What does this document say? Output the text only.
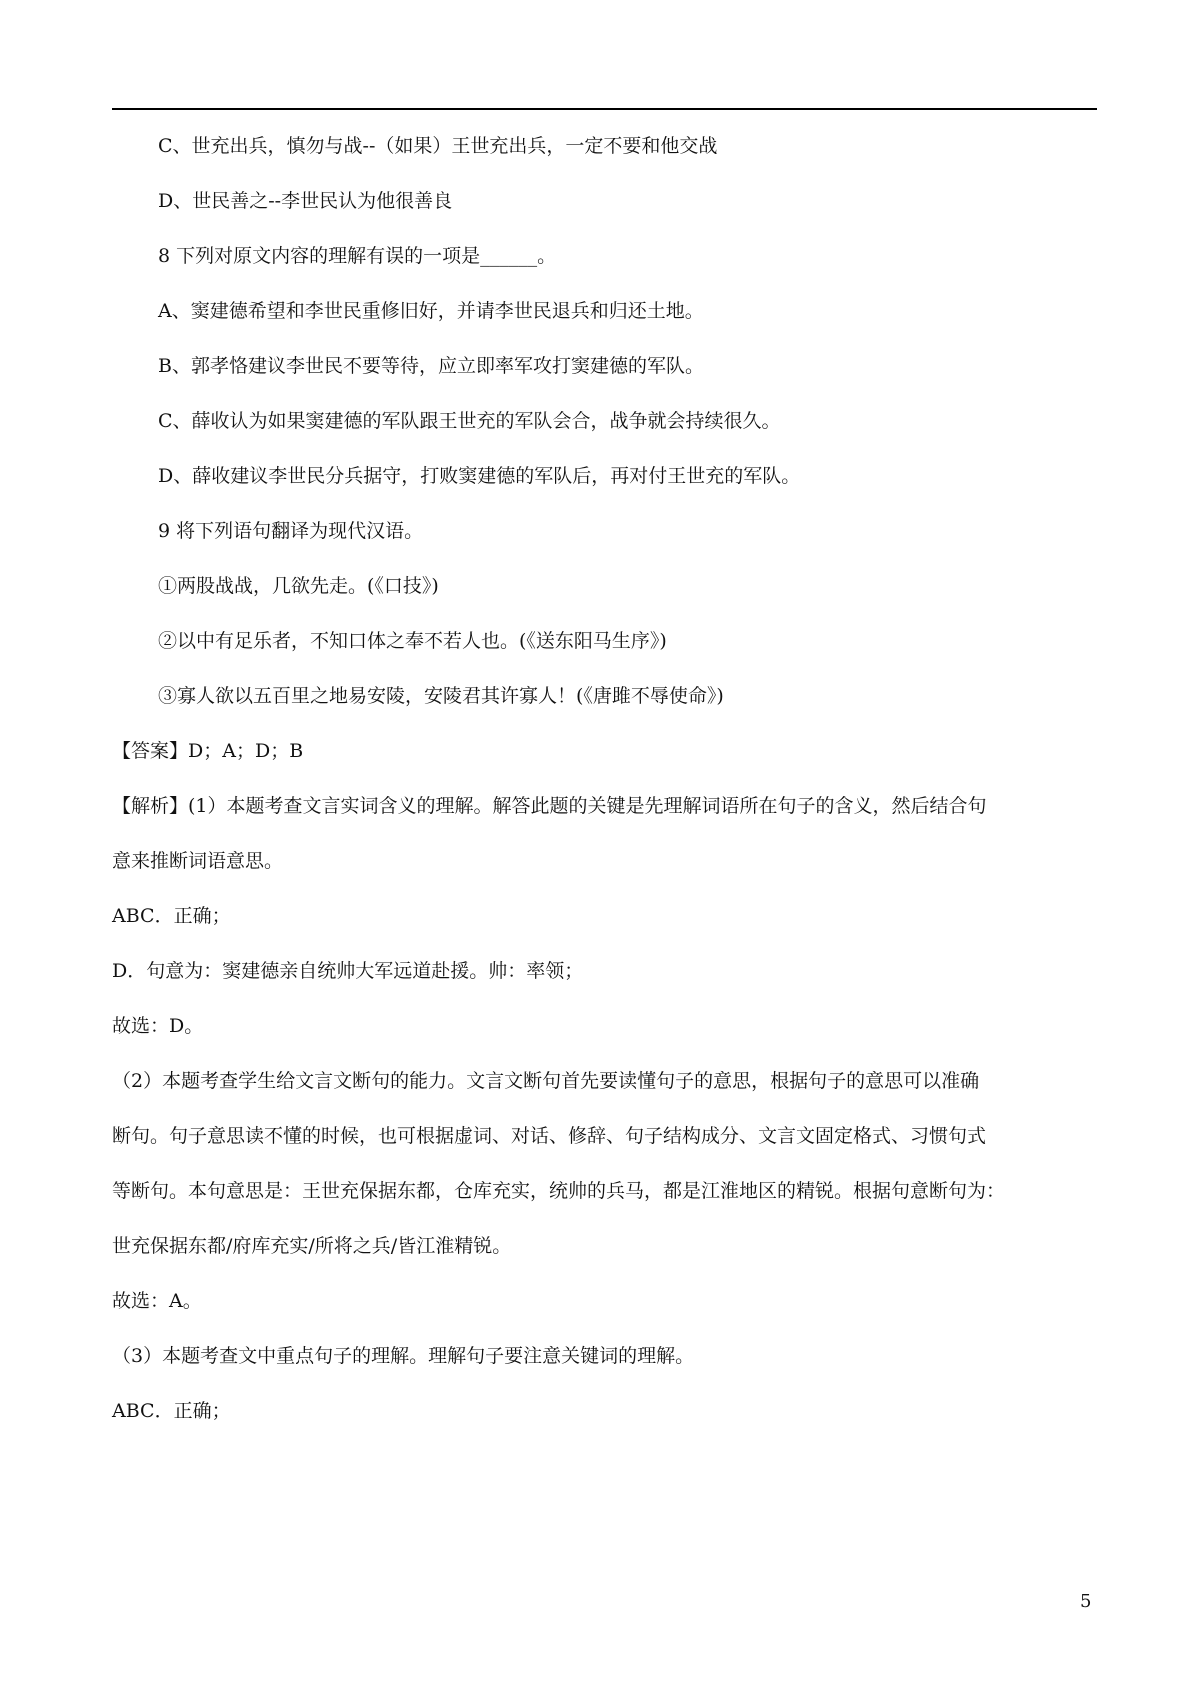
C、世充出兵，慎勿与战--（如果）王世充出兵，一定不要和他交战
D、世民善之--李世民认为他很善良
8 下列对原文内容的理解有误的一项是______。
A、窦建德希望和李世民重修旧好，并请李世民退兵和归还土地。
B、郭孝恪建议李世民不要等待，应立即率军攻打窦建德的军队。
C、薛收认为如果窦建德的军队跟王世充的军队会合，战争就会持续很久。
D、薛收建议李世民分兵据守，打败窦建德的军队后，再对付王世充的军队。
9 将下列语句翻译为现代汉语。
①两股战战，几欲先走。(《口技》)
②以中有足乐者，不知口体之奉不若人也。(《送东阳马生序》)
③寡人欲以五百里之地易安陵，安陵君其许寡人！(《唐雎不辱使命》)
【答案】D；A；D；B
【解析】(1）本题考查文言实词含义的理解。解答此题的关键是先理解词语所在句子的含义，然后结合句
意来推断词语意思。
ABC．正确；
D．句意为：窦建德亲自统帅大军远道赴援。帅：率领；
故选：D。
（2）本题考查学生给文言文断句的能力。文言文断句首先要读懂句子的意思，根据句子的意思可以准确
断句。句子意思读不懂的时候，也可根据虚词、对话、修辞、句子结构成分、文言文固定格式、习惯句式
等断句。本句意思是：王世充保据东都，仓库充实，统帅的兵马，都是江淮地区的精锐。根据句意断句为：
世充保据东都/府库充实/所将之兵/皆江淮精锐。
故选：A。
（3）本题考查文中重点句子的理解。理解句子要注意关键词的理解。
ABC．正确；
5
